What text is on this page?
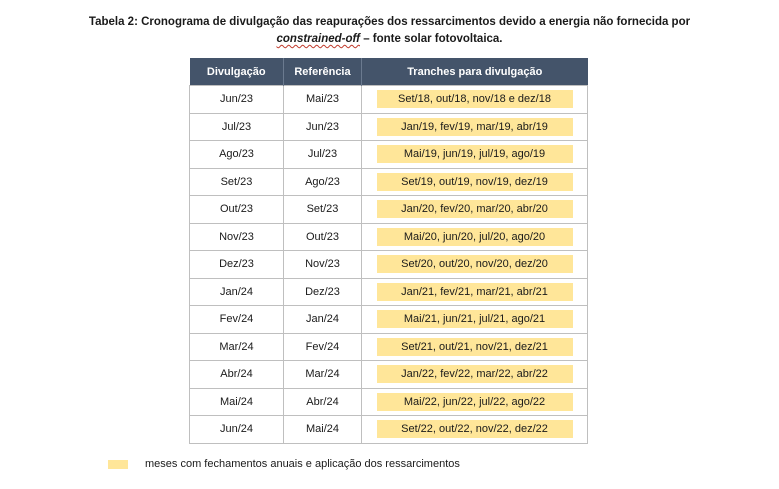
Tabela 2: Cronograma de divulgação das reapurações dos ressarcimentos devido a energia não fornecida por
constrained-off – fonte solar fotovoltaica.
Divulgação	Referência	Tranches para divulgação
Jun/23	Mai/23	Set/18, out/18, nov/18 e dez/18
Jul/23	Jun/23	Jan/19, fev/19, mar/19, abr/19
Ago/23	Jul/23	Mai/19, jun/19, jul/19, ago/19
Set/23	Ago/23	Set/19, out/19, nov/19, dez/19
Out/23	Set/23	Jan/20, fev/20, mar/20, abr/20
Nov/23	Out/23	Mai/20, jun/20, jul/20, ago/20
Dez/23	Nov/23	Set/20, out/20, nov/20, dez/20
Jan/24	Dez/23	Jan/21, fev/21, mar/21, abr/21
Fev/24	Jan/24	Mai/21, jun/21, jul/21, ago/21
Mar/24	Fev/24	Set/21, out/21, nov/21, dez/21
Abr/24	Mar/24	Jan/22, fev/22, mar/22, abr/22
Mai/24	Abr/24	Mai/22, jun/22, jul/22, ago/22
Jun/24	Mai/24	Set/22, out/22, nov/22, dez/22
meses com fechamentos anuais e aplicação dos ressarcimentos
